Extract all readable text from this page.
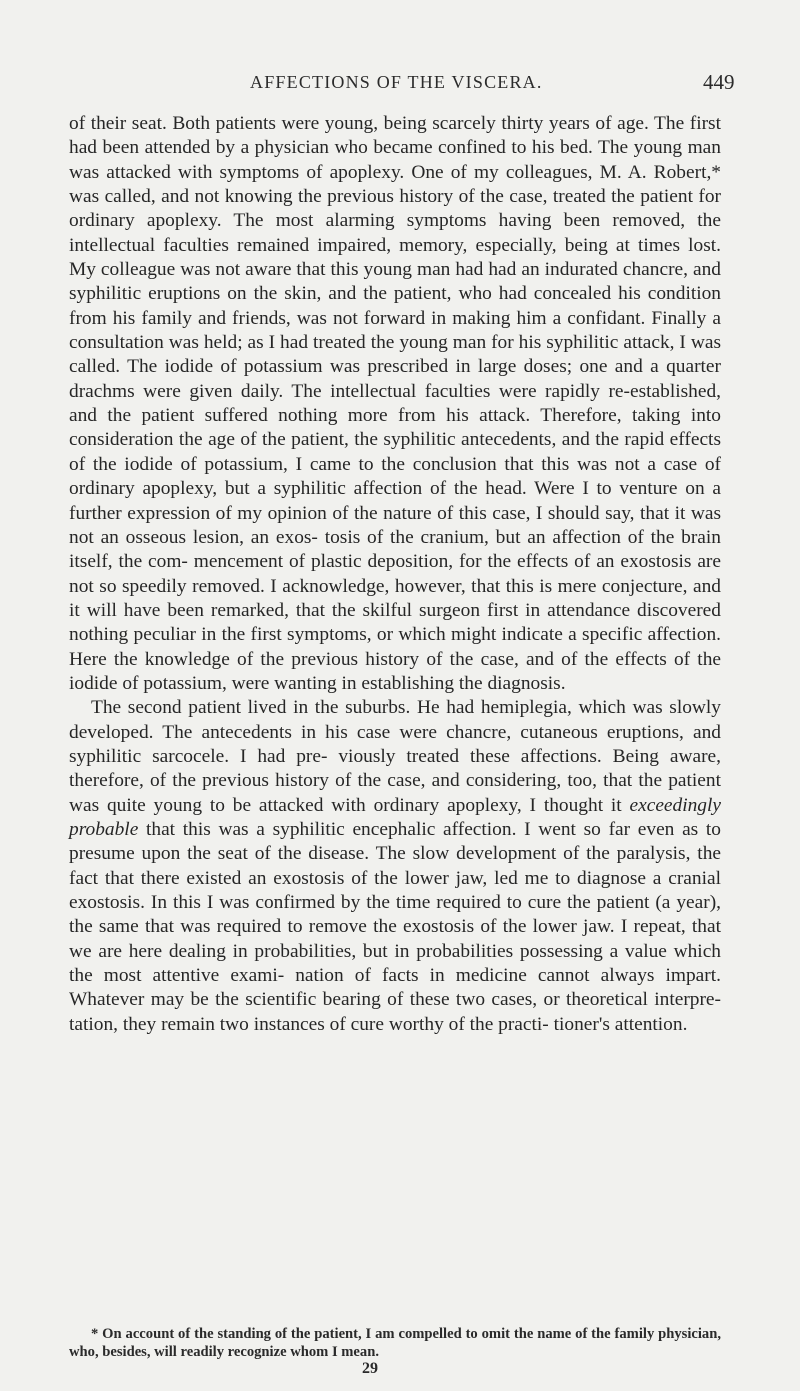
AFFECTIONS OF THE VISCERA.	449

of their seat. Both patients were young, being scarcely thirty years of age. The first had been attended by a physician who became confined to his bed. The young man was attacked with symptoms of apoplexy. One of my colleagues, M. A. Robert,* was called, and not knowing the previous history of the case, treated the patient for ordinary apoplexy. The most alarming symptoms having been removed, the intellectual faculties remained impaired, memory, especially, being at times lost. My colleague was not aware that this young man had had an indurated chancre, and syphilitic eruptions on the skin, and the patient, who had concealed his condition from his family and friends, was not forward in making him a confidant. Finally a consultation was held; as I had treated the young man for his syphilitic attack, I was called. The iodide of potassium was prescribed in large doses; one and a quarter drachms were given daily. The intellectual faculties were rapidly re-established, and the patient suffered nothing more from his attack. Therefore, taking into consideration the age of the patient, the syphilitic antecedents, and the rapid effects of the iodide of potassium, I came to the conclusion that this was not a case of ordinary apoplexy, but a syphilitic affection of the head. Were I to venture on a further expression of my opinion of the nature of this case, I should say, that it was not an osseous lesion, an exos- tosis of the cranium, but an affection of the brain itself, the com- mencement of plastic deposition, for the effects of an exostosis are not so speedily removed. I acknowledge, however, that this is mere conjecture, and it will have been remarked, that the skilful surgeon first in attendance discovered nothing peculiar in the first symptoms, or which might indicate a specific affection. Here the knowledge of the previous history of the case, and of the effects of the iodide of potassium, were wanting in establishing the diagnosis.

The second patient lived in the suburbs. He had hemiplegia, which was slowly developed. The antecedents in his case were chancre, cutaneous eruptions, and syphilitic sarcocele. I had pre- viously treated these affections. Being aware, therefore, of the previous history of the case, and considering, too, that the patient was quite young to be attacked with ordinary apoplexy, I thought it exceedingly probable that this was a syphilitic encephalic affection. I went so far even as to presume upon the seat of the disease. The slow development of the paralysis, the fact that there existed an exostosis of the lower jaw, led me to diagnose a cranial exostosis. In this I was confirmed by the time required to cure the patient (a year), the same that was required to remove the exostosis of the lower jaw. I repeat, that we are here dealing in probabilities, but in probabilities possessing a value which the most attentive exami- nation of facts in medicine cannot always impart. Whatever may be the scientific bearing of these two cases, or theoretical interpre- tation, they remain two instances of cure worthy of the practi- tioner's attention.

* On account of the standing of the patient, I am compelled to omit the name of the family physician, who, besides, will readily recognize whom I mean.

29
